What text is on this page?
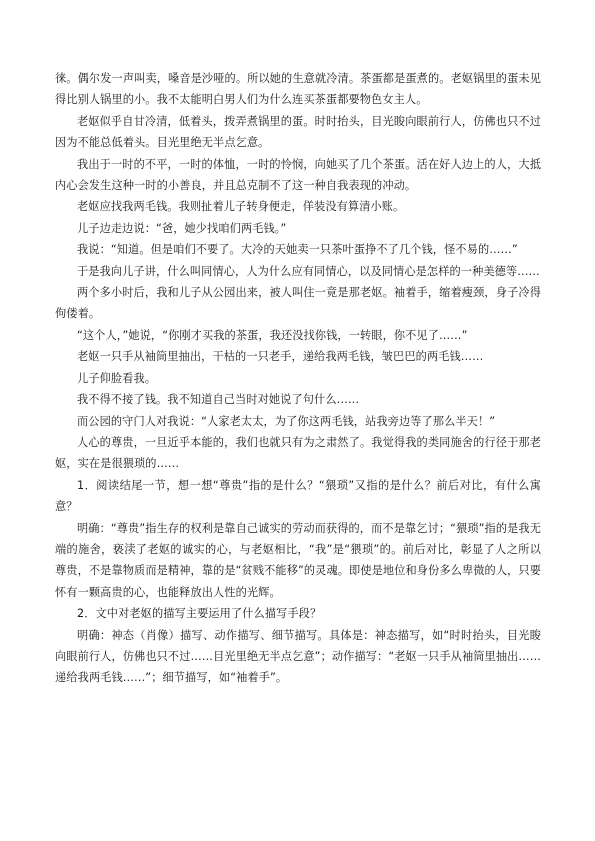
徕。偶尔发一声叫卖，嗓音是沙哑的。所以她的生意就冷清。茶蛋都是蛋煮的。老妪锅里的蛋未见得比别人锅里的小。我不太能明白男人们为什么连买茶蛋都要物色女主人。

老妪似乎自甘冷清，低着头，拨弄煮锅里的蛋。时时抬头，目光睃向眼前行人，仿佛也只不过因为不能总低着头。目光里绝无半点乞意。

我出于一时的不平，一时的体恤，一时的怜悯，向她买了几个茶蛋。活在好人边上的人，大抵内心会发生这种一时的小善良，并且总克制不了这一种自我表现的冲动。

老妪应找我两毛钱。我则扯着儿子转身便走，佯装没有算清小账。

儿子边走边说：“爸，她少找咱们两毛钱。”

我说：“知道。但是咱们不要了。大冷的天她卖一只茶叶蛋挣不了几个钱，怪不易的……”

于是我向儿子讲，什么叫同情心，人为什么应有同情心，以及同情心是怎样的一种美德等……

两个多小时后，我和儿子从公园出来，被人叫住一竟是那老妪。袖着手，缩着瘦颈，身子冷得佝偻着。

“这个人，”她说，“你刚才买我的茶蛋，我还没找你钱，一转眼，你不见了……”

老妪一只手从袖筒里抽出，干枯的一只老手，递给我两毛钱，皱巴巴的两毛钱……

儿子仰脸看我。

我不得不接了钱。我不知道自己当时对她说了句什么……

而公园的守门人对我说：“人家老太太，为了你这两毛钱，站我旁边等了那么半天！”

人心的尊贵，一旦近乎本能的，我们也就只有为之肃然了。我觉得我的类同施舍的行径于那老妪，实在是很猥琐的……

1．阅读结尾一节，想一想“尊贵”指的是什么？“猥琐”又指的是什么？前后对比，有什么寓意？

明确：“尊贵”指生存的权利是靠自己诚实的劳动而获得的，而不是靠乞讨；“猥琐”指的是我无端的施舍，亵渎了老妪的诚实的心，与老妪相比，“我”是“猥琐”的。前后对比，彰显了人之所以尊贵，不是靠物质而是精神，靠的是“贫贱不能移”的灵魂。即使是地位和身份多么卑微的人，只要怀有一颗高贵的心，也能释放出人性的光辉。

2．文中对老妪的描写主要运用了什么描写手段？

明确：神态（肖像）描写、动作描写、细节描写。具体是：神态描写，如“时时抬头，目光睃向眼前行人，仿佛也只不过……目光里绝无半点乞意”；动作描写：“老妪一只手从袖筒里抽出……递给我两毛钱……”；细节描写，如“袖着手”。
